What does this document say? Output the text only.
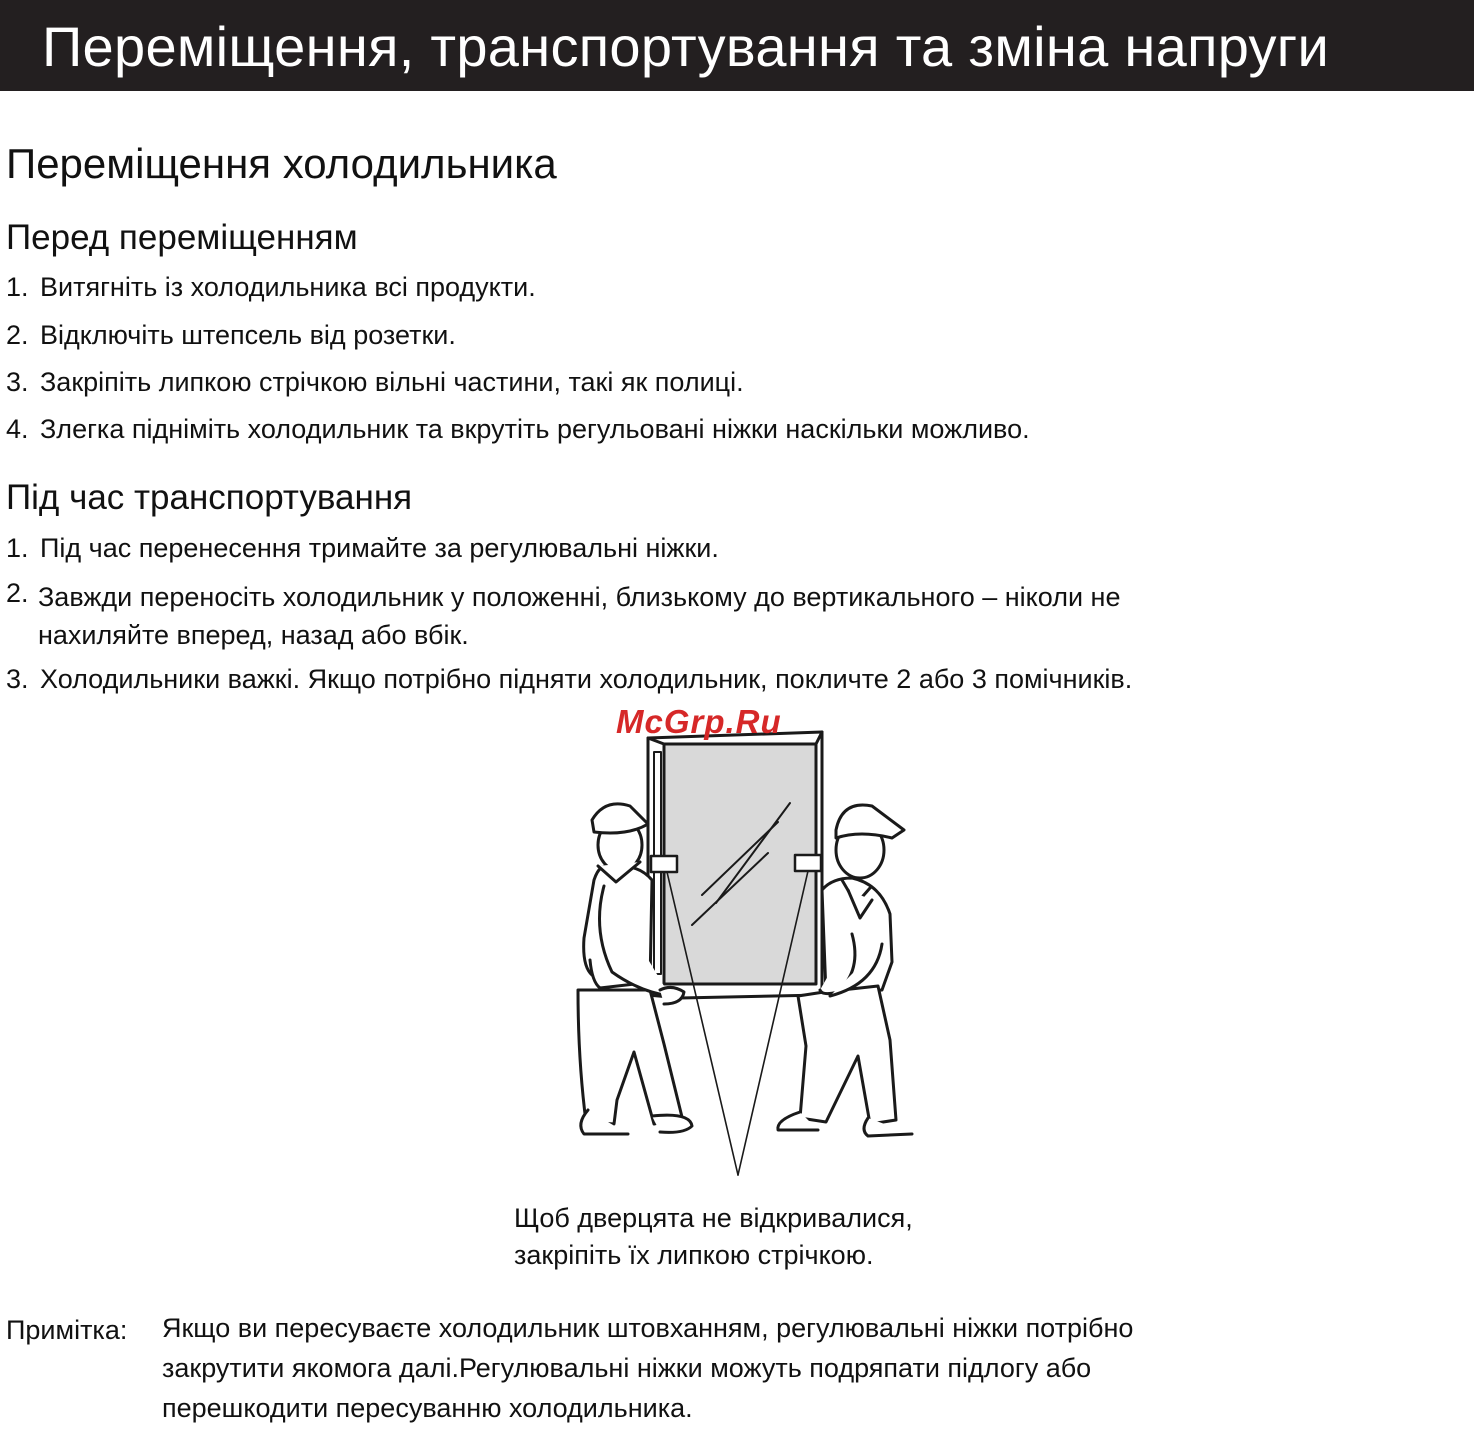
Переміщення, транспортування та зміна напруги
Переміщення холодильника
Перед переміщенням
1. Витягніть із холодильника всі продукти.
2. Відключіть штепсель від розетки.
3. Закріпіть липкою стрічкою вільні частини, такі як полиці.
4. Злегка підніміть холодильник та вкрутіть регульовані ніжки наскільки можливо.
Під час транспортування
1. Під час перенесення тримайте за регулювальні ніжки.
2. Завжди переносіть холодильник у положенні, близькому до вертикального – ніколи не
нахиляйте вперед, назад або вбік.
3. Холодильники важкі. Якщо потрібно підняти холодильник, покличте 2 або 3 помічників.
McGrp.Ru
Щоб дверцята не відкривалися,
закріпіть їх липкою стрічкою.
Примітка: Якщо ви пересуваєте холодильник штовханням, регулювальні ніжки потрібно
закрутити якомога далі.Регулювальні ніжки можуть подряпати підлогу або
перешкодити пересуванню холодильника.
